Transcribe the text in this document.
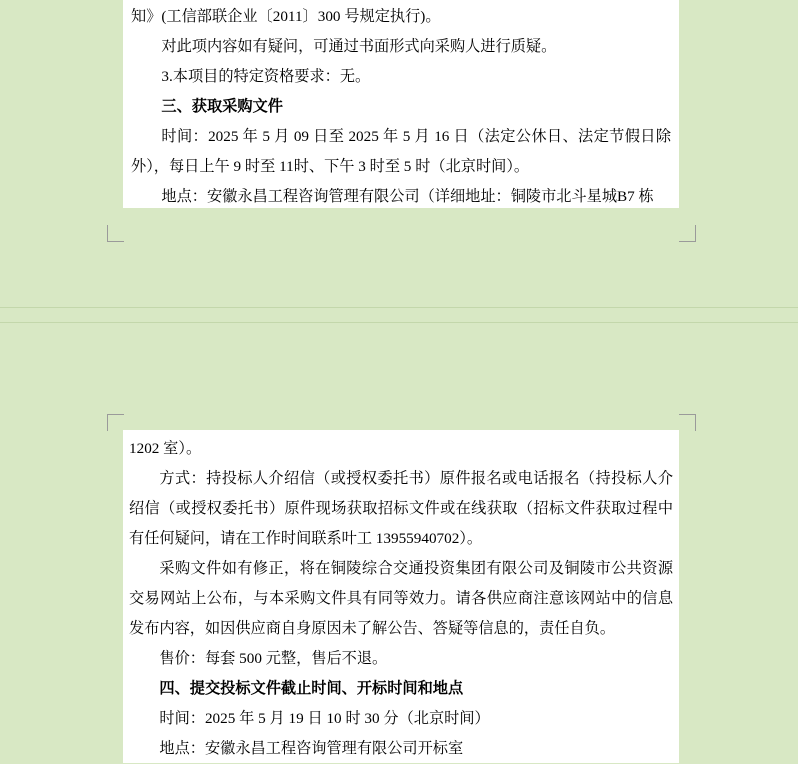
知》(工信部联企业〔2011〕300 号规定执行)。

对此项内容如有疑问，可通过书面形式向采购人进行质疑。

3.本项目的特定资格要求：无。

三、获取采购文件

时间：2025 年 5 月 09 日至 2025 年 5 月 16 日（法定公休日、法定节假日除外），每日上午 9 时至 11时、下午 3 时至 5 时（北京时间）。

地点：安徽永昌工程咨询管理有限公司（详细地址：铜陵市北斗星城B7 栋

1202 室）。

方式：持投标人介绍信（或授权委托书）原件报名或电话报名（持投标人介绍信（或授权委托书）原件现场获取招标文件或在线获取（招标文件获取过程中有任何疑问，请在工作时间联系叶工 13955940702）。

采购文件如有修正，将在铜陵综合交通投资集团有限公司及铜陵市公共资源交易网站上公布，与本采购文件具有同等效力。请各供应商注意该网站中的信息发布内容，如因供应商自身原因未了解公告、答疑等信息的，责任自负。

售价：每套 500 元整，售后不退。

四、提交投标文件截止时间、开标时间和地点

时间：2025 年 5 月 19 日 10 时 30 分（北京时间）

地点：安徽永昌工程咨询管理有限公司开标室
